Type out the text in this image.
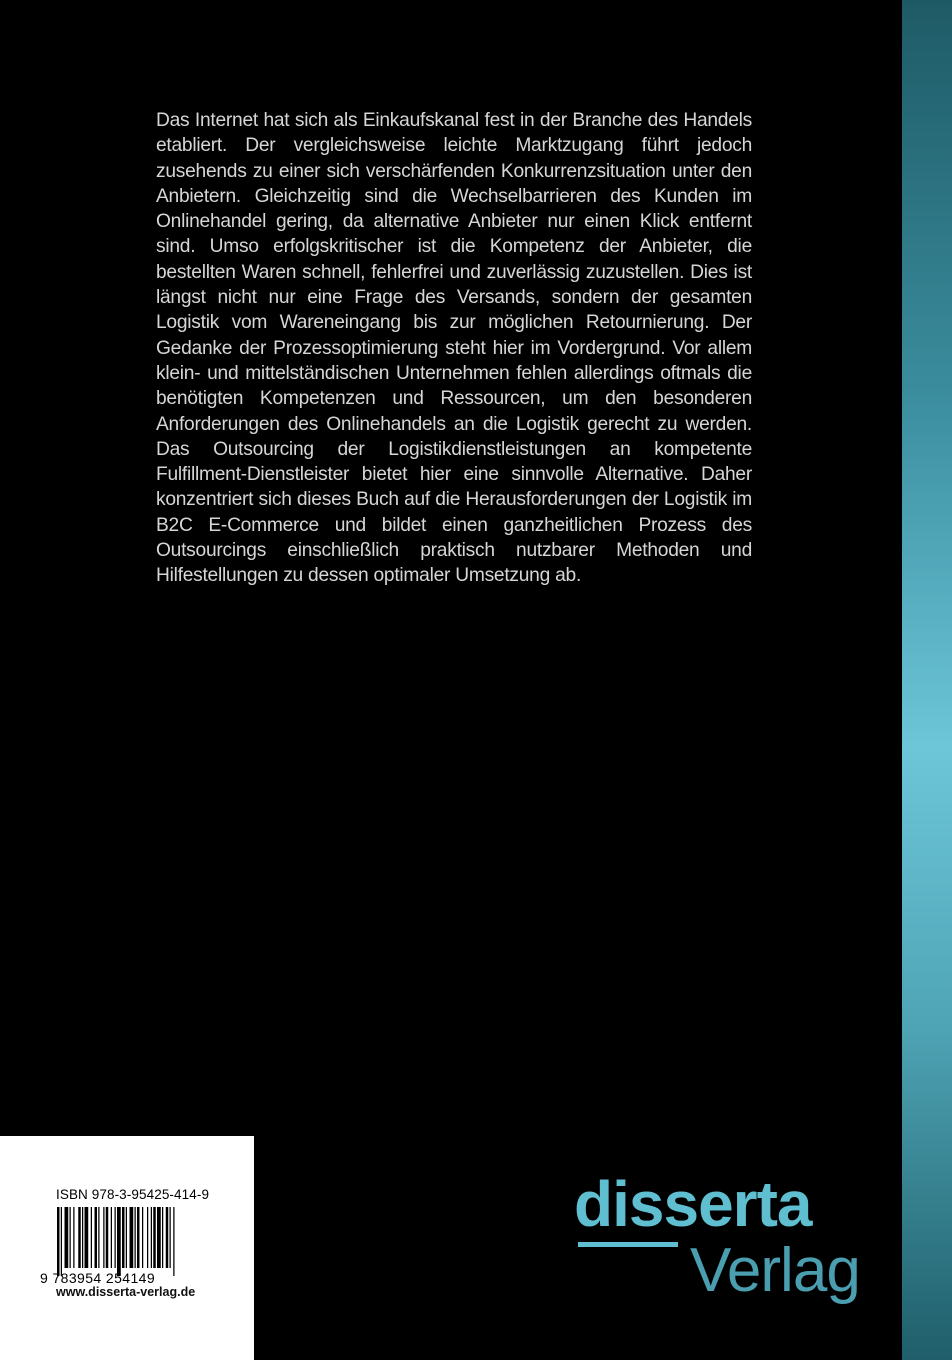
Das Internet hat sich als Einkaufskanal fest in der Branche des Handels etabliert. Der vergleichsweise leichte Marktzugang führt jedoch zusehends zu einer sich verschärfenden Konkurrenzsituation unter den Anbietern. Gleichzeitig sind die Wechselbarrieren des Kunden im Onlinehandel gering, da alternative Anbieter nur einen Klick entfernt sind. Umso erfolgskritischer ist die Kompetenz der Anbieter, die bestellten Waren schnell, fehlerfrei und zuverlässig zuzustellen. Dies ist längst nicht nur eine Frage des Versands, sondern der gesamten Logistik vom Wareneingang bis zur möglichen Retournierung. Der Gedanke der Prozessoptimierung steht hier im Vordergrund. Vor allem klein- und mittelständischen Unternehmen fehlen allerdings oftmals die benötigten Kompetenzen und Ressourcen, um den besonderen Anforderungen des Onlinehandels an die Logistik gerecht zu werden. Das Outsourcing der Logistikdienstleistungen an kompetente Fulfillment-Dienstleister bietet hier eine sinnvolle Alternative. Daher konzentriert sich dieses Buch auf die Herausforderungen der Logistik im B2C E-Commerce und bildet einen ganzheitlichen Prozess des Outsourcings einschließlich praktisch nutzbarer Methoden und Hilfestellungen zu dessen optimaler Umsetzung ab.

ISBN 978-3-95425-414-9
9 783954 254149
www.disserta-verlag.de
disserta
Verlag
